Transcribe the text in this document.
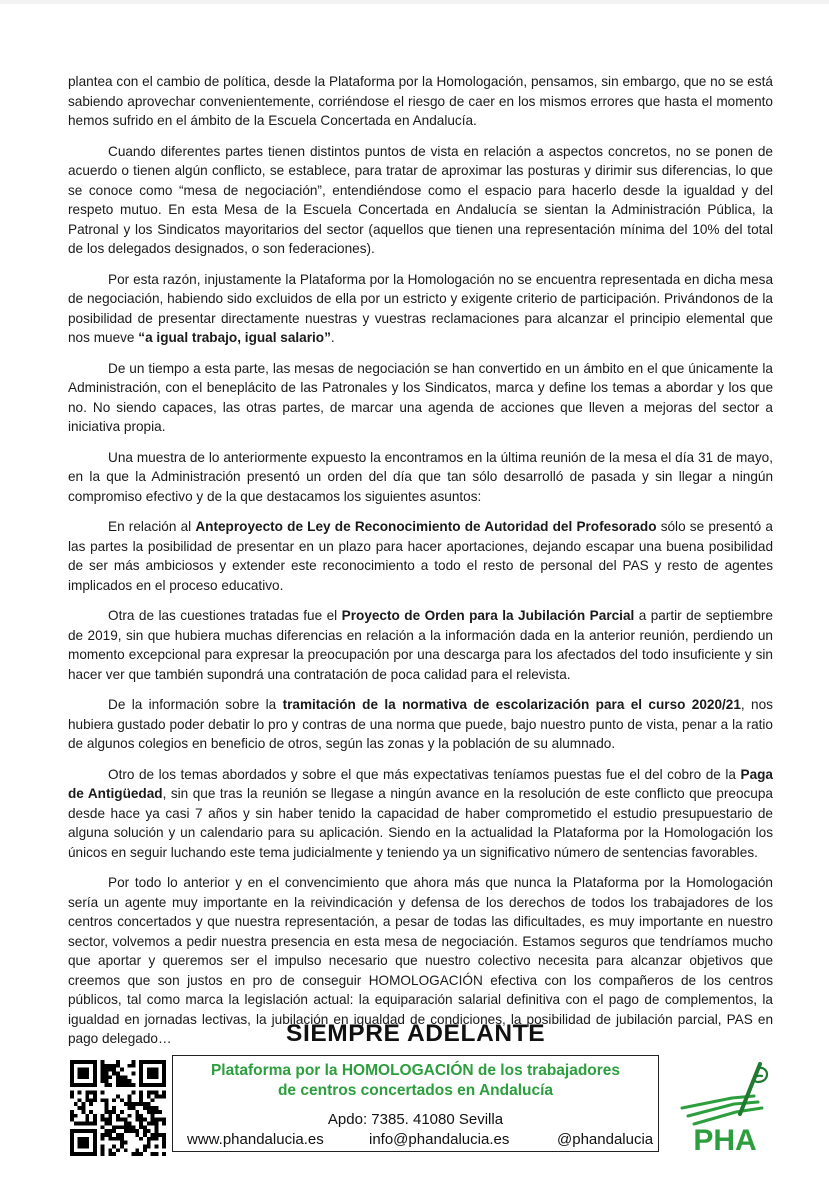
plantea con el cambio de política, desde la Plataforma por la Homologación, pensamos, sin embargo, que no se está sabiendo aprovechar convenientemente, corriéndose el riesgo de caer en los mismos errores que hasta el momento hemos sufrido en el ámbito de la Escuela Concertada en Andalucía.

Cuando diferentes partes tienen distintos puntos de vista en relación a aspectos concretos, no se ponen de acuerdo o tienen algún conflicto, se establece, para tratar de aproximar las posturas y dirimir sus diferencias, lo que se conoce como “mesa de negociación”, entendiéndose como el espacio para hacerlo desde la igualdad y del respeto mutuo. En esta Mesa de la Escuela Concertada en Andalucía se sientan la Administración Pública, la Patronal y los Sindicatos mayoritarios del sector (aquellos que tienen una representación mínima del 10% del total de los delegados designados, o son federaciones).

Por esta razón, injustamente la Plataforma por la Homologación no se encuentra representada en dicha mesa de negociación, habiendo sido excluidos de ella por un estricto y exigente criterio de participación. Privándonos de la posibilidad de presentar directamente nuestras y vuestras reclamaciones para alcanzar el principio elemental que nos mueve “a igual trabajo, igual salario”.

De un tiempo a esta parte, las mesas de negociación se han convertido en un ámbito en el que únicamente la Administración, con el beneplácito de las Patronales y los Sindicatos, marca y define los temas a abordar y los que no. No siendo capaces, las otras partes, de marcar una agenda de acciones que lleven a mejoras del sector a iniciativa propia.

Una muestra de lo anteriormente expuesto la encontramos en la última reunión de la mesa el día 31 de mayo, en la que la Administración presentó un orden del día que tan sólo desarrolló de pasada y sin llegar a ningún compromiso efectivo y de la que destacamos los siguientes asuntos:

En relación al Anteproyecto de Ley de Reconocimiento de Autoridad del Profesorado sólo se presentó a las partes la posibilidad de presentar en un plazo para hacer aportaciones, dejando escapar una buena posibilidad de ser más ambiciosos y extender este reconocimiento a todo el resto de personal del PAS y resto de agentes implicados en el proceso educativo.

Otra de las cuestiones tratadas fue el Proyecto de Orden para la Jubilación Parcial a partir de septiembre de 2019, sin que hubiera muchas diferencias en relación a la información dada en la anterior reunión, perdiendo un momento excepcional para expresar la preocupación por una descarga para los afectados del todo insuficiente y sin hacer ver que también supondrá una contratación de poca calidad para el relevista.

De la información sobre la tramitación de la normativa de escolarización para el curso 2020/21, nos hubiera gustado poder debatir lo pro y contras de una norma que puede, bajo nuestro punto de vista, penar a la ratio de algunos colegios en beneficio de otros, según las zonas y la población de su alumnado.

Otro de los temas abordados y sobre el que más expectativas teníamos puestas fue el del cobro de la Paga de Antigüedad, sin que tras la reunión se llegase a ningún avance en la resolución de este conflicto que preocupa desde hace ya casi 7 años y sin haber tenido la capacidad de haber comprometido el estudio presupuestario de alguna solución y un calendario para su aplicación. Siendo en la actualidad la Plataforma por la Homologación los únicos en seguir luchando este tema judicialmente y teniendo ya un significativo número de sentencias favorables.

Por todo lo anterior y en el convencimiento que ahora más que nunca la Plataforma por la Homologación sería un agente muy importante en la reivindicación y defensa de los derechos de todos los trabajadores de los centros concertados y que nuestra representación, a pesar de todas las dificultades, es muy importante en nuestro sector, volvemos a pedir nuestra presencia en esta mesa de negociación. Estamos seguros que tendríamos mucho que aportar y queremos ser el impulso necesario que nuestro colectivo necesita para alcanzar objetivos que creemos que son justos en pro de conseguir HOMOLOGACIÓN efectiva con los compañeros de los centros públicos, tal como marca la legislación actual: la equiparación salarial definitiva con el pago de complementos, la igualdad en jornadas lectivas, la jubilación en igualdad de condiciones, la posibilidad de jubilación parcial, PAS en pago delegado…	SIEMPRE ADELANTE
Plataforma por la HOMOLOGACIÓN de los trabajadores
de centros concertados en Andalucía
Apdo: 7385. 41080 Sevilla
www.phandalucia.es	info@phandalucia.es	@phandalucia PHA
